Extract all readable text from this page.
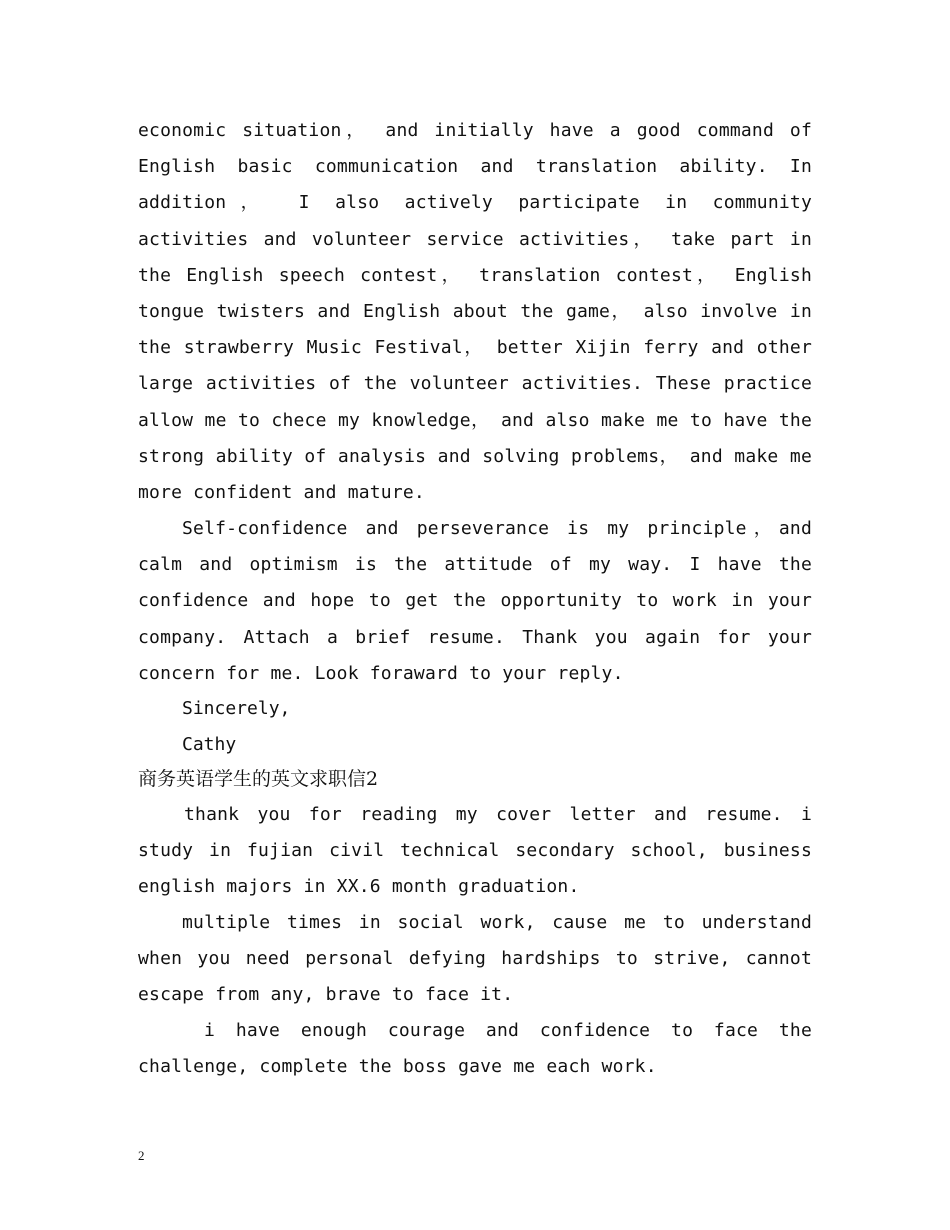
economic situation， and initially have a good command of English basic communication and translation ability. In addition， I also actively participate in community activities and volunteer service activities， take part in the English speech contest， translation contest， English tongue twisters and English about the game， also involve in the strawberry Music Festival， better Xijin ferry and other large activities of the volunteer activities. These practice allow me to chece my knowledge， and also make me to have the strong ability of analysis and solving problems， and make me more confident and mature.
Self-confidence and perseverance is my principle，and calm and optimism is the attitude of my way. I have the confidence and hope to get the opportunity to work in your company. Attach a brief resume. Thank you again for your concern for me. Look foraward to your reply.
Sincerely,
Cathy
商务英语学生的英文求职信2
thank you for reading my cover letter and resume. i study in fujian civil technical secondary school, business english majors in XX.6 month graduation.
multiple times in social work, cause me to understand when you need personal defying hardships to strive, cannot escape from any, brave to face it.
i have enough courage and confidence to face the challenge, complete the boss gave me each work.
2
